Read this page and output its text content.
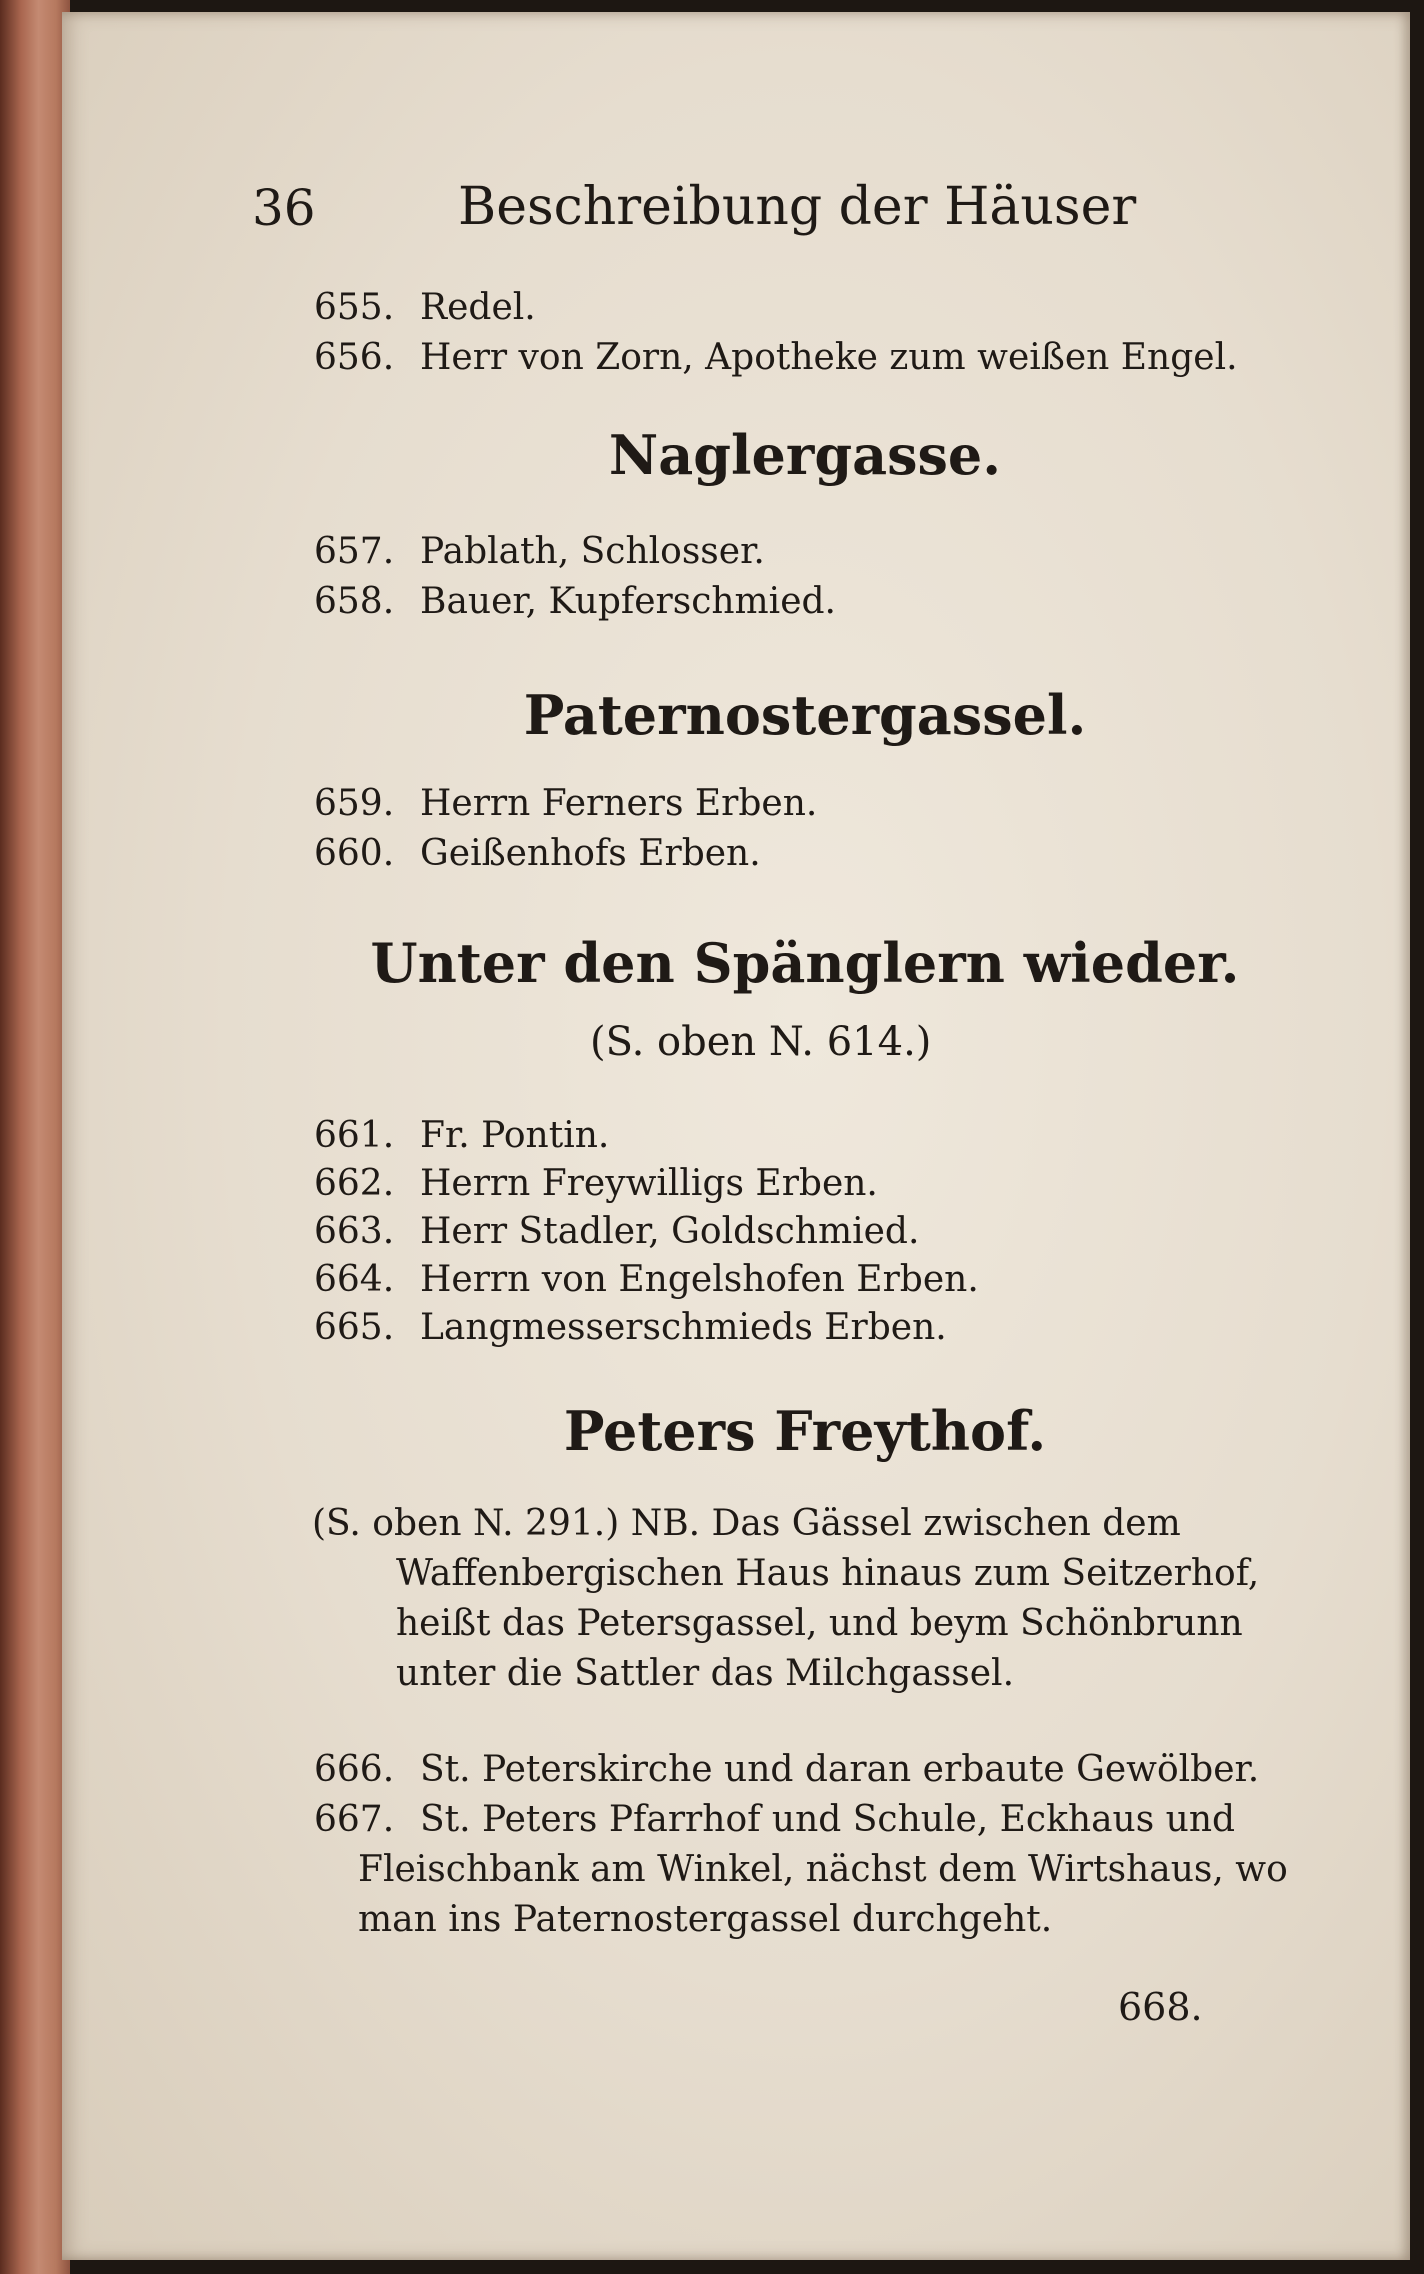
36	Beschreibung der Häuser
655. Redel.
656. Herr von Zorn, Apotheke zum weißen Engel.
Naglergasse.
657. Pablath, Schlosser.
658. Bauer, Kupferschmied.
Paternostergassel.
659. Herrn Ferners Erben.
660. Geißenhofs Erben.
Unter den Spänglern wieder.
(S. oben N. 614.)
661. Fr. Pontin.
662. Herrn Freywilligs Erben.
663. Herr Stadler, Goldschmied.
664. Herrn von Engelshofen Erben.
665. Langmesserschmieds Erben.
Peters Freythof.
(S. oben N. 291.) NB. Das Gässel zwischen dem
Waffenbergischen Haus hinaus zum Seitzerhof,
heißt das Petersgassel, und beym Schönbrunn
unter die Sattler das Milchgassel.
666. St. Peterskirche und daran erbaute Gewölber.
667. St. Peters Pfarrhof und Schule, Eckhaus und
Fleischbank am Winkel, nächst dem Wirtshaus, wo
man ins Paternostergassel durchgeht.
668.
